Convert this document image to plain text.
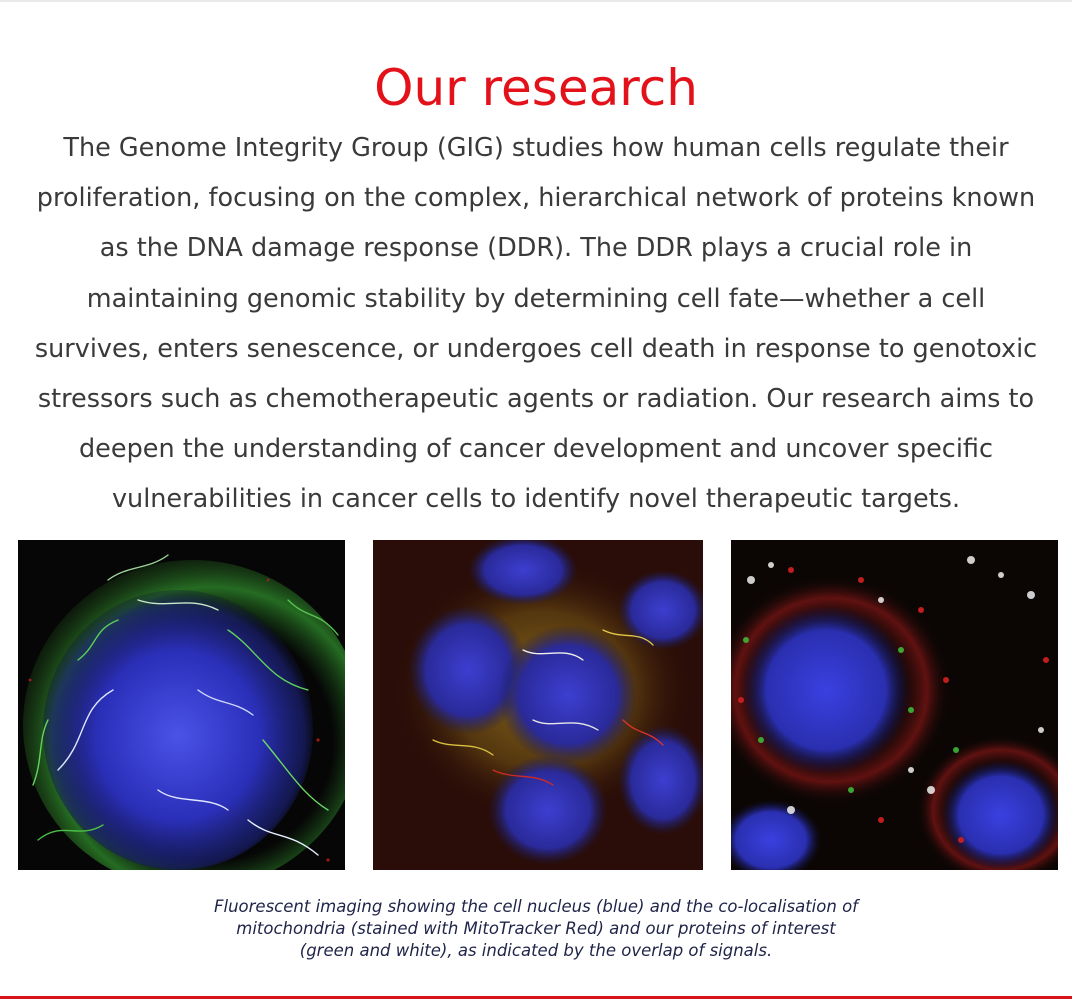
Our research

The Genome Integrity Group (GIG) studies how human cells regulate their
proliferation, focusing on the complex, hierarchical network of proteins known
as the DNA damage response (DDR). The DDR plays a crucial role in
maintaining genomic stability by determining cell fate—whether a cell
survives, enters senescence, or undergoes cell death in response to genotoxic
stressors such as chemotherapeutic agents or radiation. Our research aims to
deepen the understanding of cancer development and uncover specific
vulnerabilities in cancer cells to identify novel therapeutic targets.

Fluorescent imaging showing the cell nucleus (blue) and the co-localisation of
mitochondria (stained with MitoTracker Red) and our proteins of interest
(green and white), as indicated by the overlap of signals.
